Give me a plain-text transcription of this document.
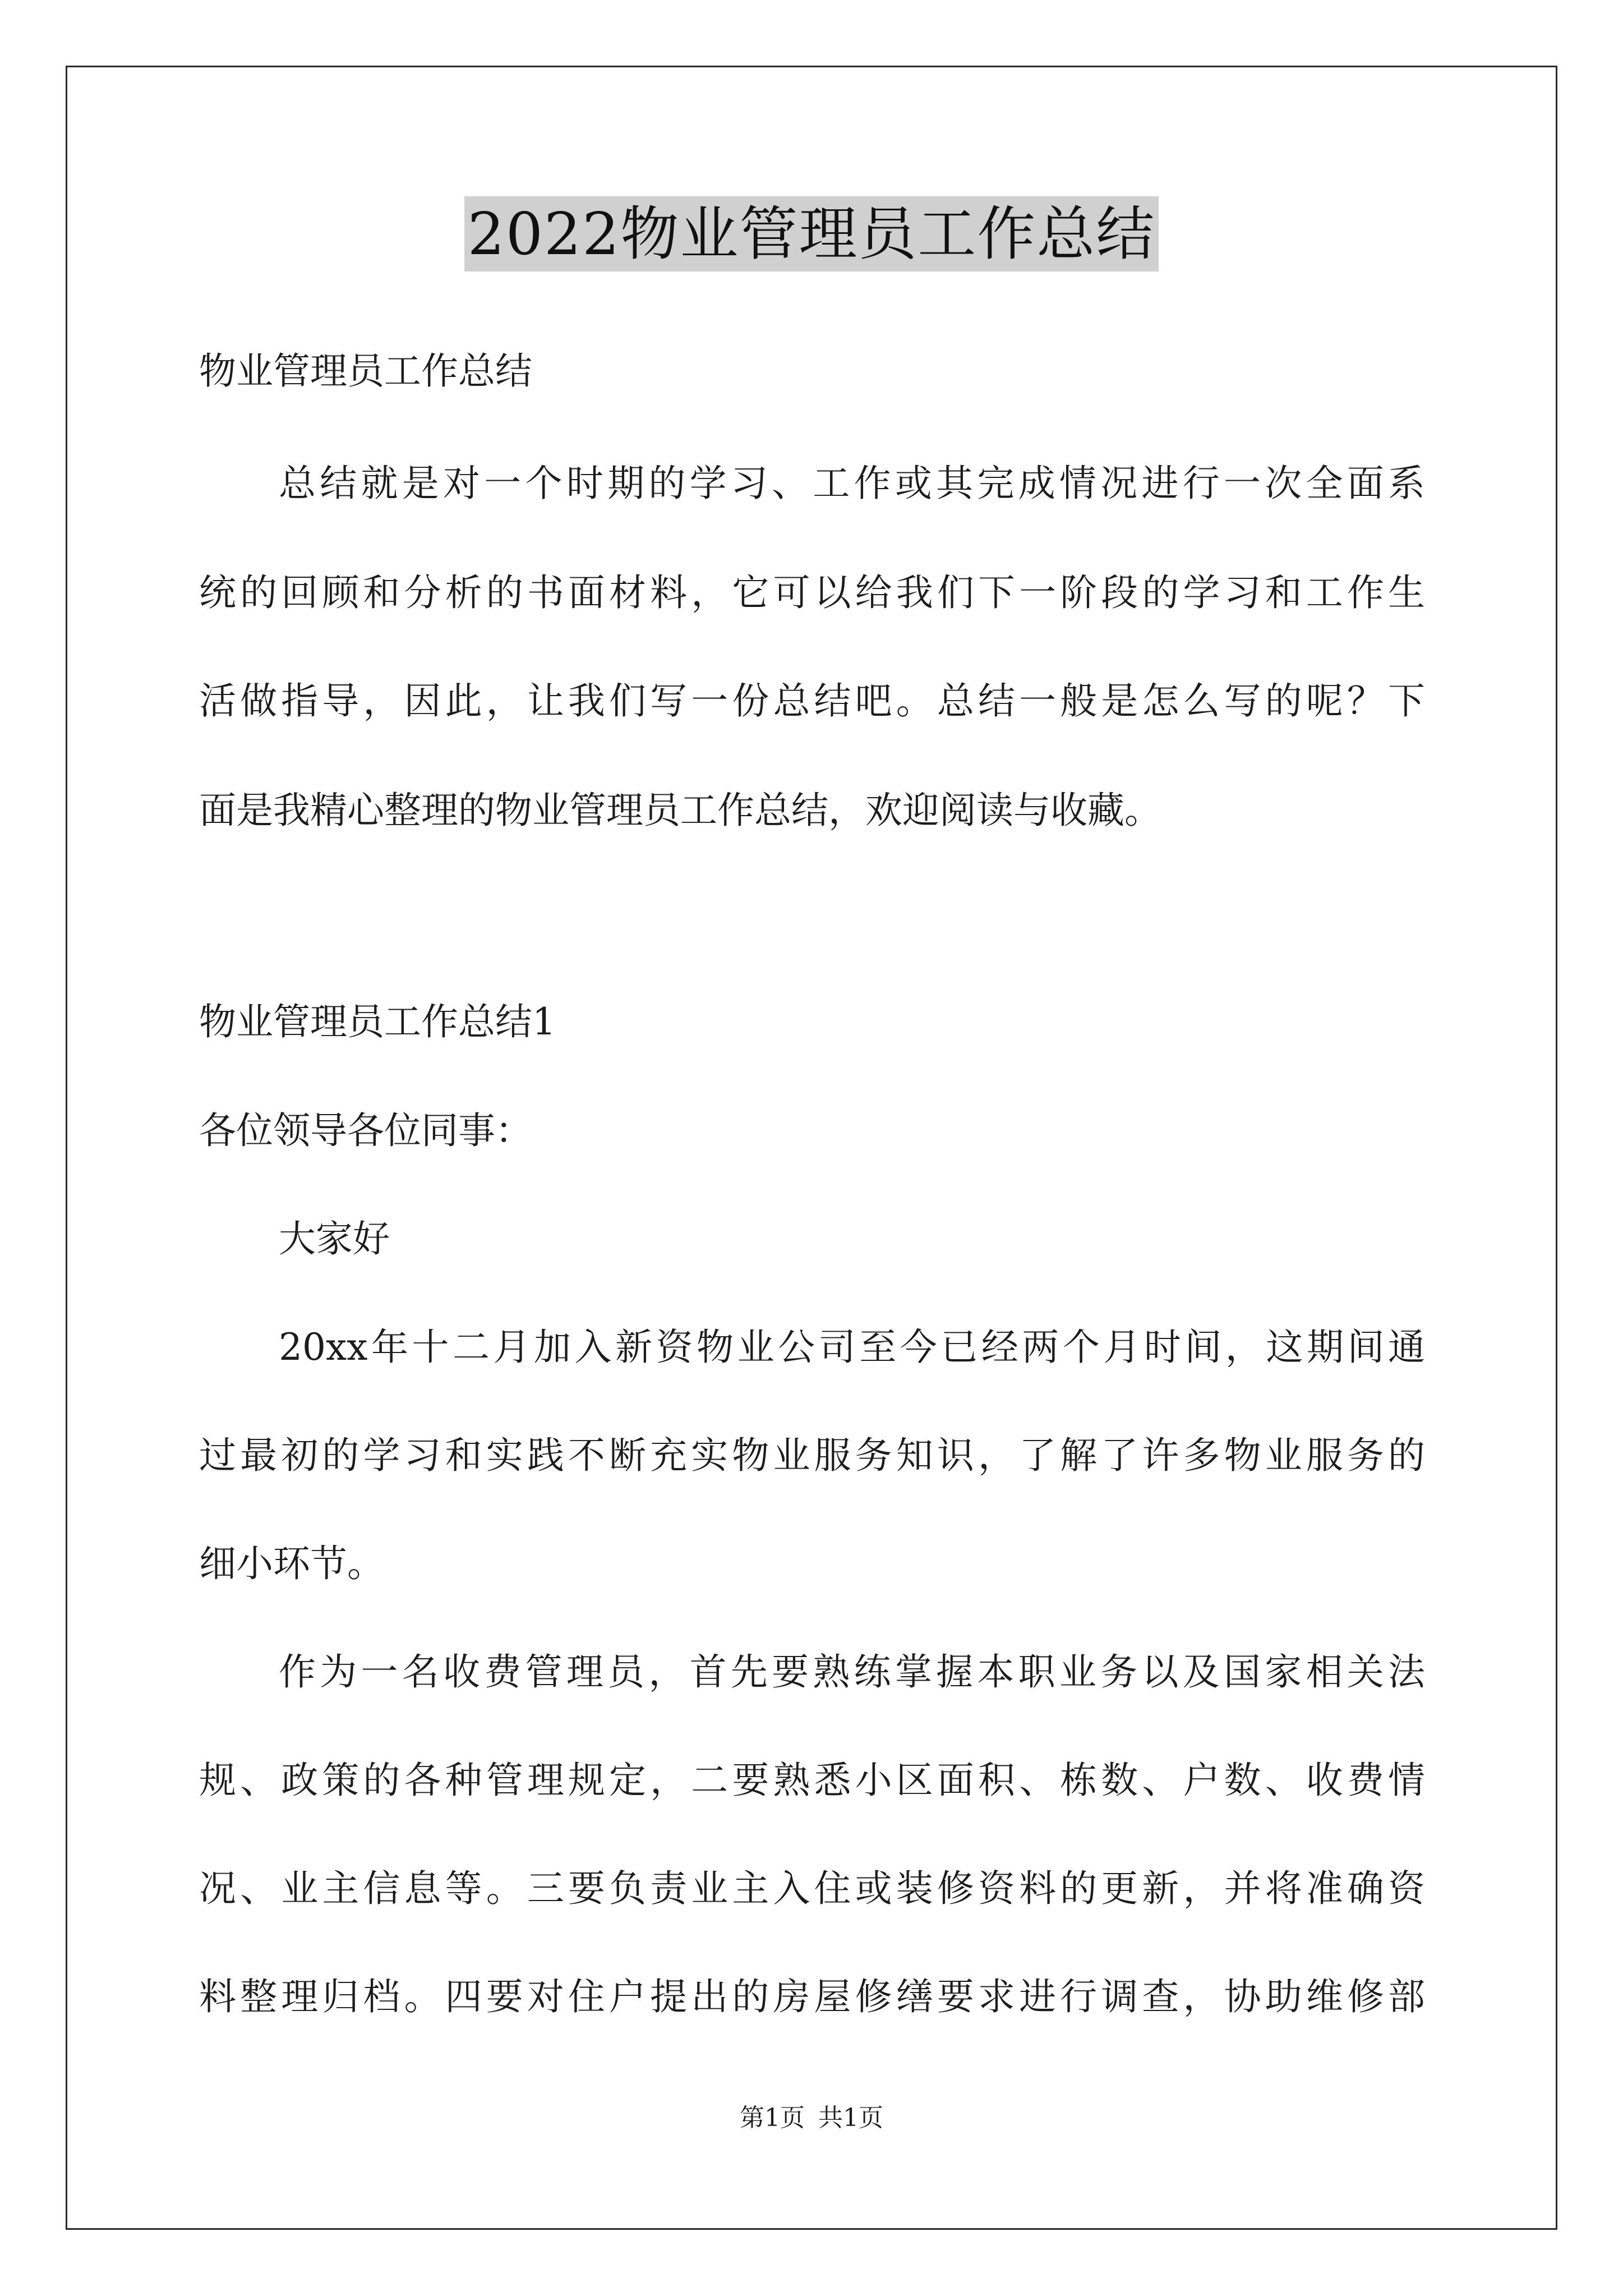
2022物业管理员工作总结
物业管理员工作总结
总结就是对一个时期的学习、工作或其完成情况进行一次全面系
统的回顾和分析的书面材料，它可以给我们下一阶段的学习和工作生
活做指导，因此，让我们写一份总结吧。总结一般是怎么写的呢？下
面是我精心整理的物业管理员工作总结，欢迎阅读与收藏。
物业管理员工作总结1
各位领导各位同事：
大家好
20xx年十二月加入新资物业公司至今已经两个月时间，这期间通
过最初的学习和实践不断充实物业服务知识，了解了许多物业服务的
细小环节。
作为一名收费管理员，首先要熟练掌握本职业务以及国家相关法
规、政策的各种管理规定，二要熟悉小区面积、栋数、户数、收费情
况、业主信息等。三要负责业主入住或装修资料的更新，并将准确资
料整理归档。四要对住户提出的房屋修缮要求进行调查，协助维修部
第1页 共1页
